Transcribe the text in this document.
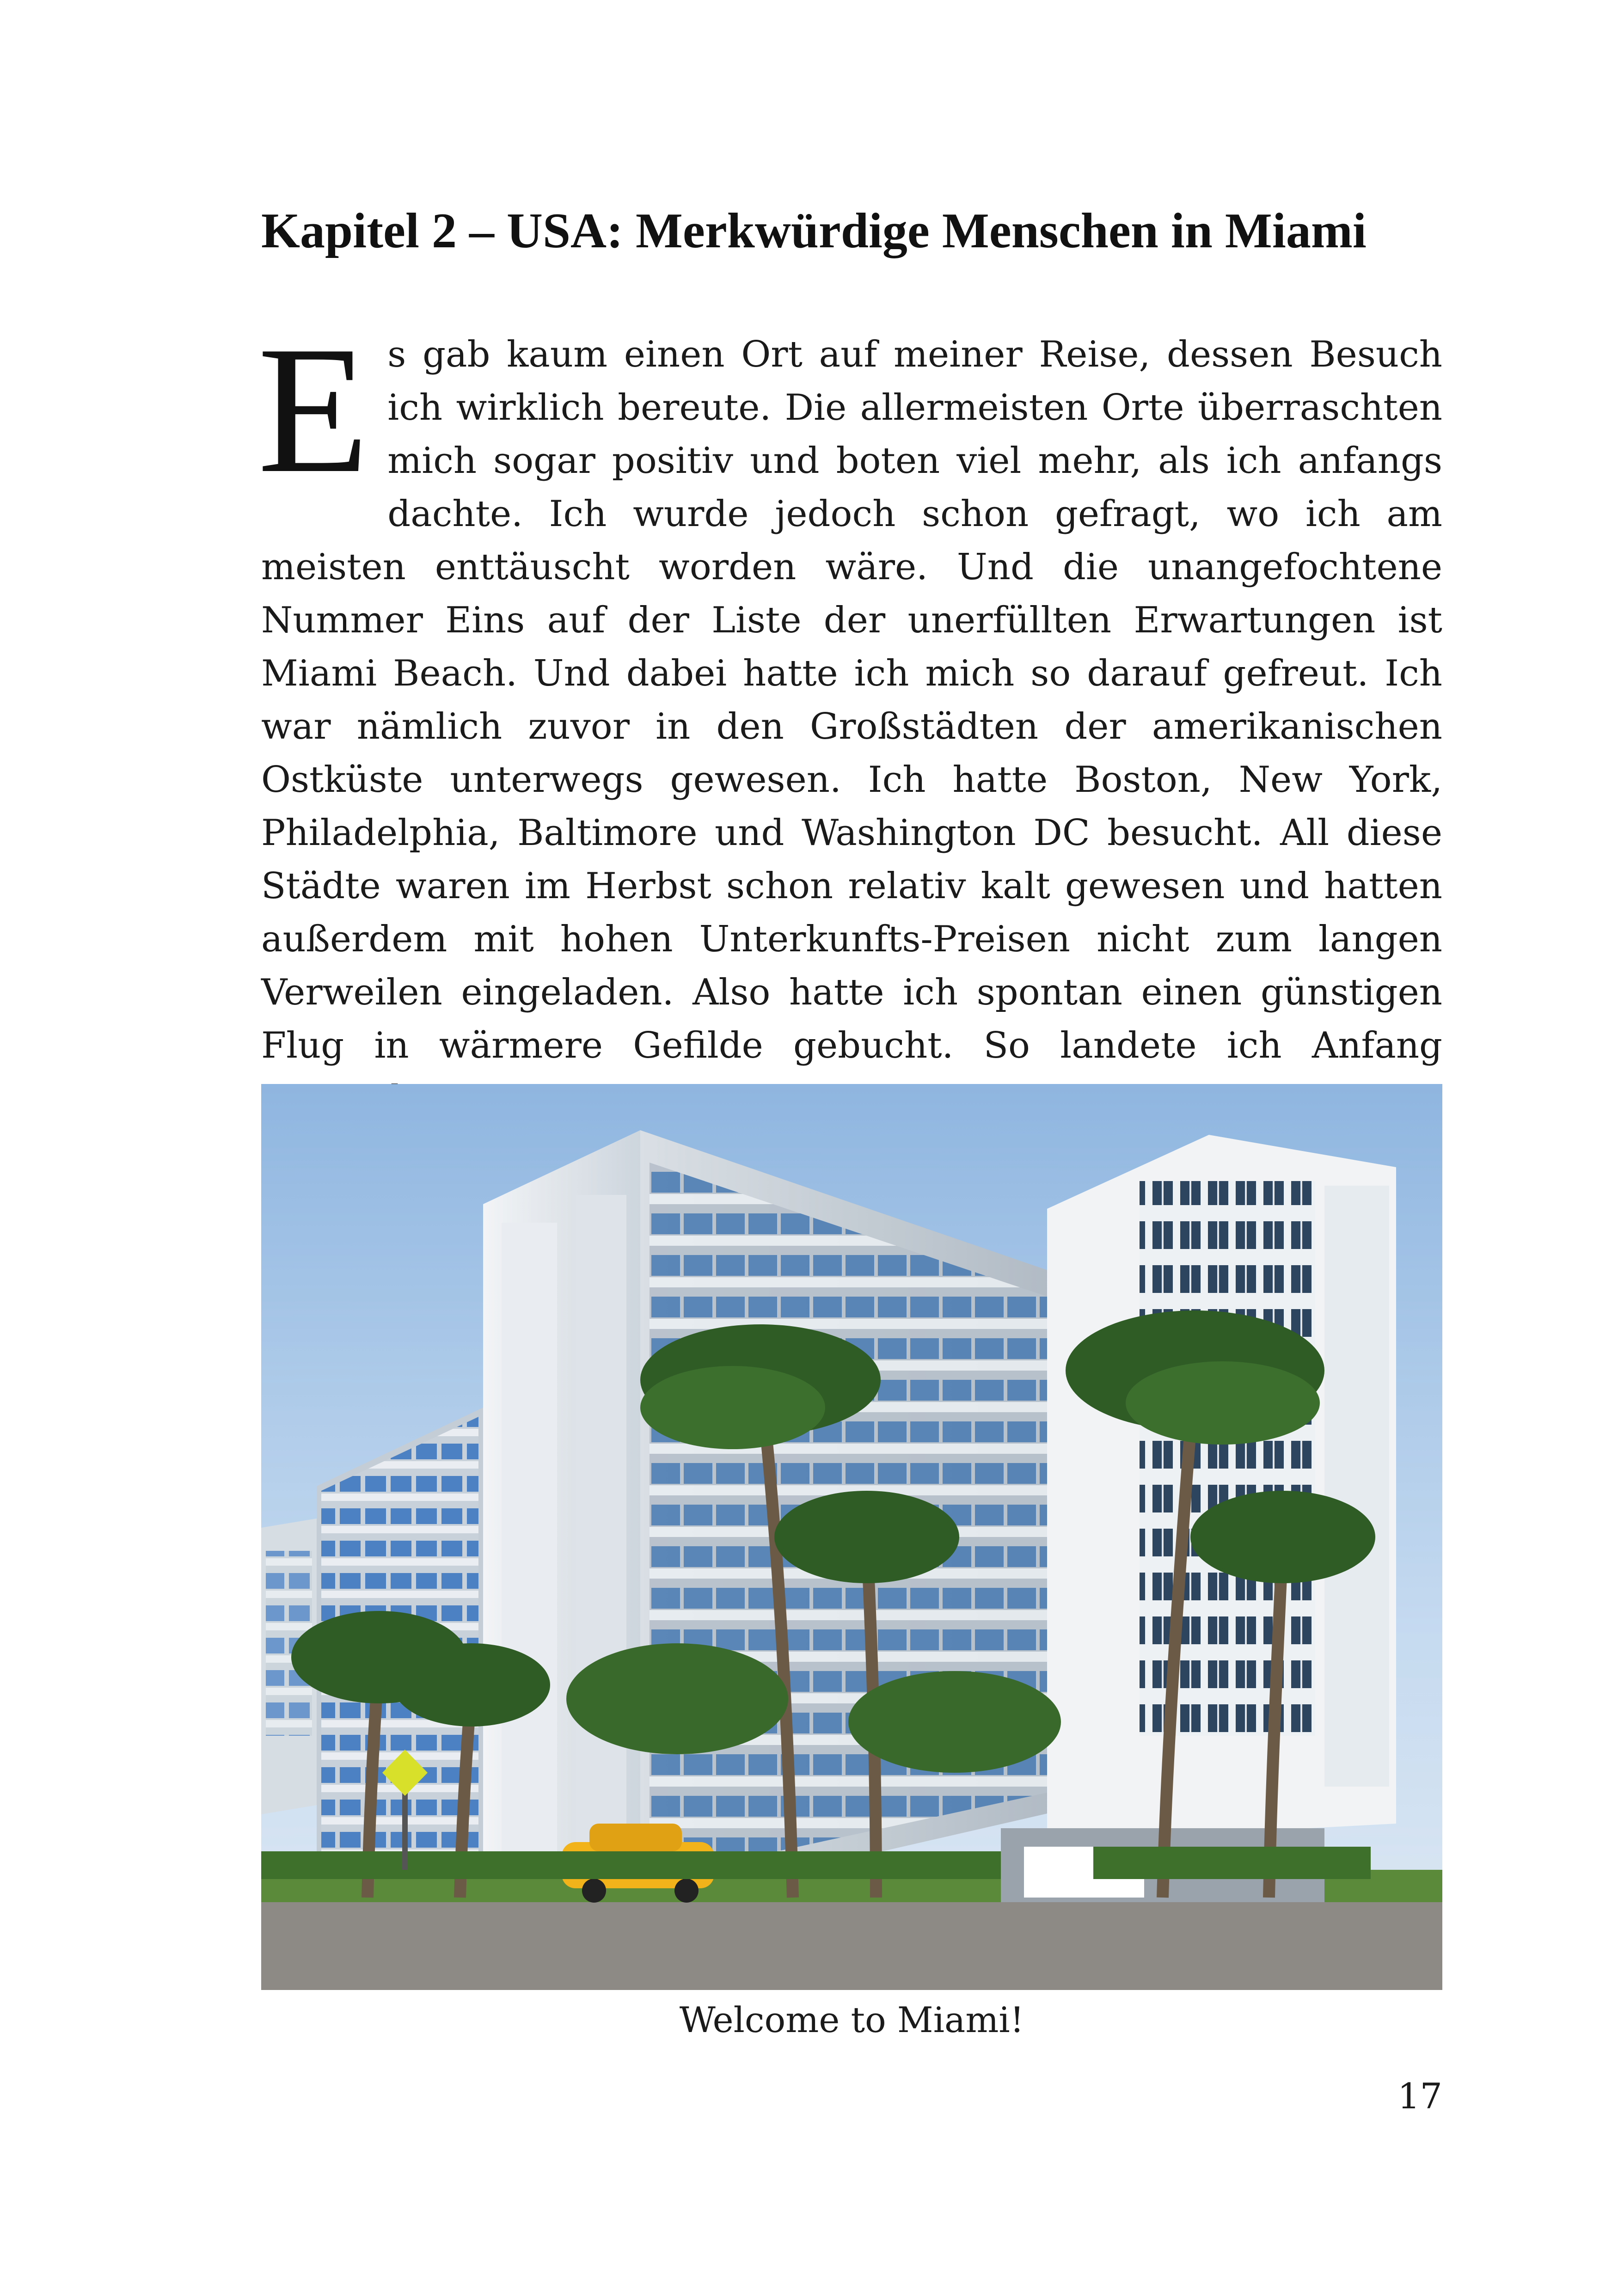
Kapitel 2 – USA: Merkwürdige Menschen in Miami

Es gab kaum einen Ort auf meiner Reise, dessen Besuch ich wirklich bereute. Die allermeisten Orte überraschten mich sogar positiv und boten viel mehr, als ich anfangs dachte. Ich wurde jedoch schon gefragt, wo ich am meisten enttäuscht worden wäre. Und die unangefochtene Nummer Eins auf der Liste der unerfüllten Erwartungen ist Miami Beach. Und dabei hatte ich mich so darauf gefreut. Ich war nämlich zuvor in den Großstädten der amerikanischen Ostküste unterwegs gewesen. Ich hatte Boston, New York, Philadelphia, Baltimore und Washington DC besucht. All diese Städte waren im Herbst schon relativ kalt gewesen und hatten außerdem mit hohen Unterkunfts-Preisen nicht zum langen Verweilen eingeladen. Also hatte ich spontan einen günstigen Flug in wärmere Gefilde gebucht. So landete ich Anfang

Welcome to Miami!
17
